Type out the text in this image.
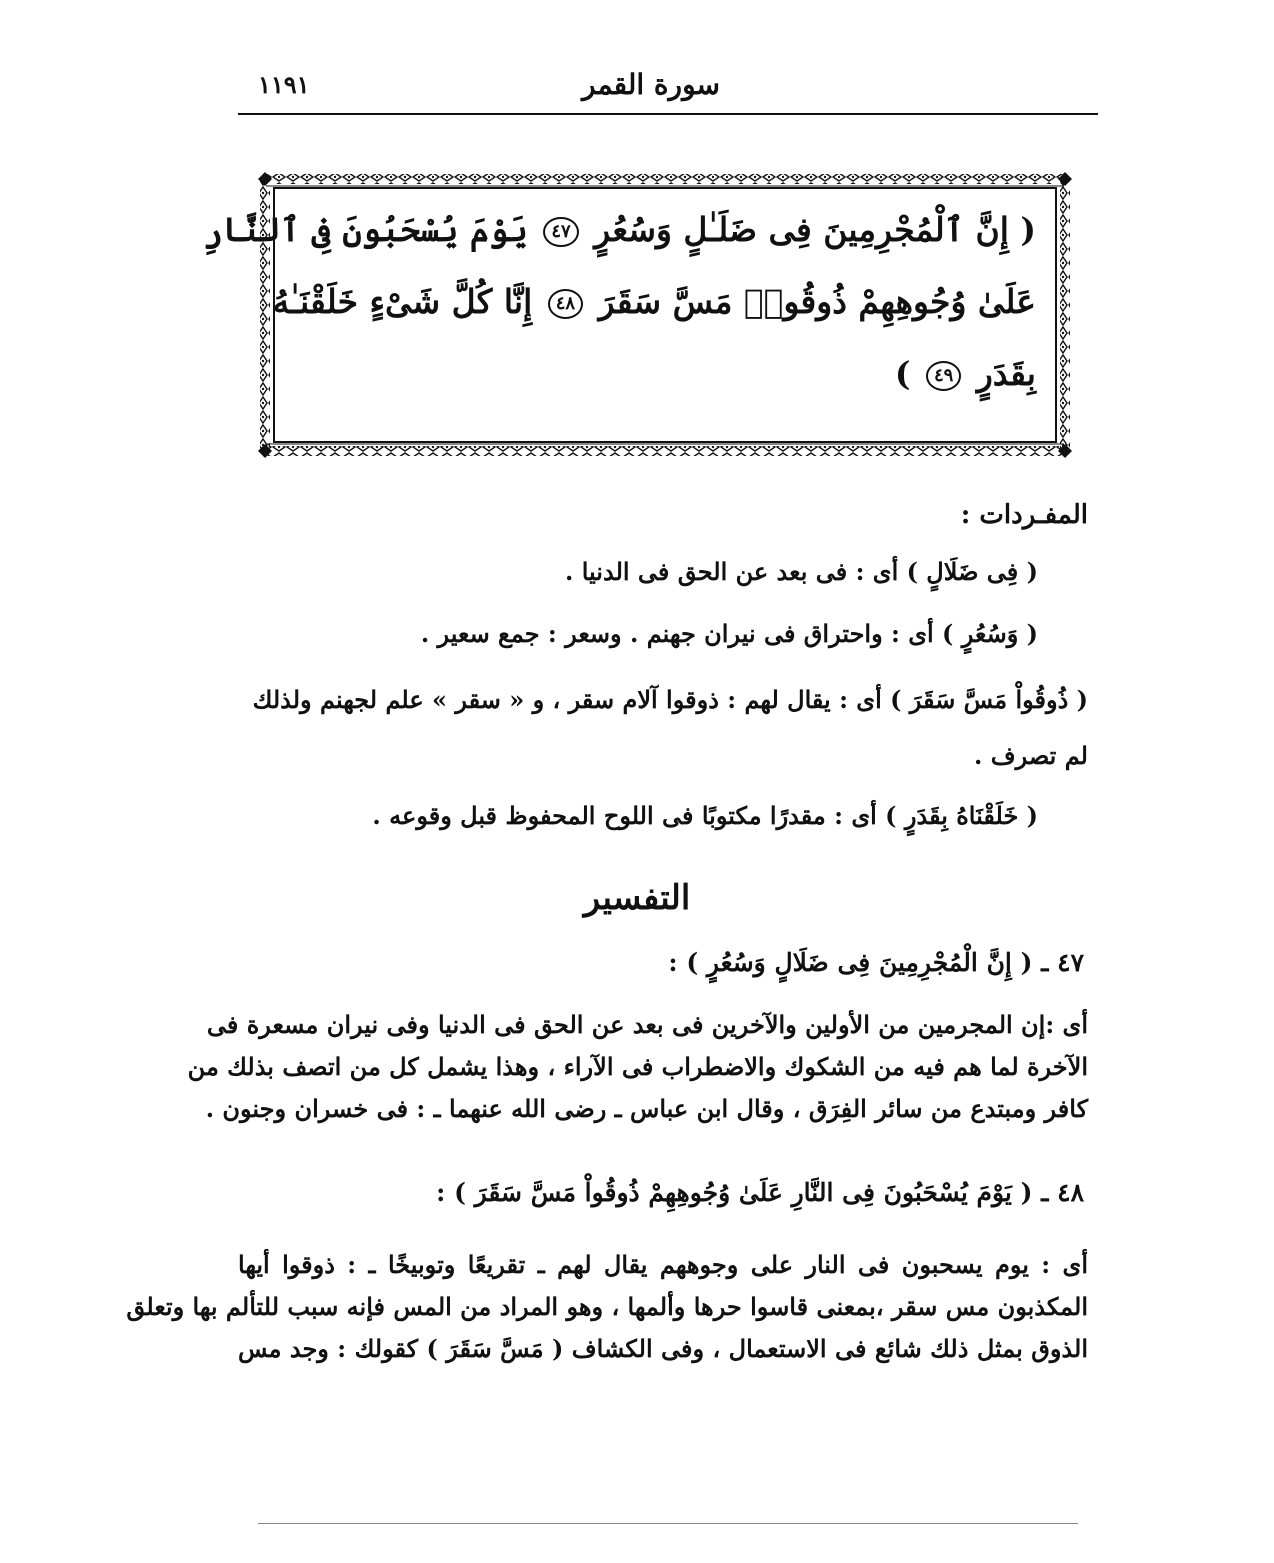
سورة القمر
١١٩١
( إِنَّ ٱلْمُجْرِمِينَ فِى ضَلَـٰلٍ وَسُعُرٍ ٤٧ يَوْمَ يُسْحَبُونَ فِى ٱلنَّارِ
عَلَىٰ وُجُوهِهِمْ ذُوقُوا۟ مَسَّ سَقَرَ ٤٨ إِنَّا كُلَّ شَىْءٍ خَلَقْنَـٰهُ
بِقَدَرٍ ٤٩ )
المفـردات :
( فِى ضَلَالٍ ) أى : فى بعد عن الحق فى الدنيا .
( وَسُعُرٍ ) أى : واحتراق فى نيران جهنم . وسعر : جمع سعير .
( ذُوقُواْ مَسَّ سَقَرَ ) أى : يقال لهم : ذوقوا آلام سقر ، و « سقر » علم لجهنم ولذلك
لم تصرف .
( خَلَقْنَاهُ بِقَدَرٍ ) أى : مقدرًا مكتوبًا فى اللوح المحفوظ قبل وقوعه .
التفسير
٤٧ ـ ( إِنَّ الْمُجْرِمِينَ فِى ضَلَالٍ وَسُعُرٍ ) :
أى :إن المجرمين من الأولين والآخرين فى بعد عن الحق فى الدنيا وفى نيران مسعرة فى
الآخرة لما هم فيه من الشكوك والاضطراب فى الآراء ، وهذا يشمل كل من اتصف بذلك من
كافر ومبتدع من سائر الفِرَق ، وقال ابن عباس ـ رضى الله عنهما ـ : فى خسران وجنون .
٤٨ ـ ( يَوْمَ يُسْحَبُونَ فِى النَّارِ عَلَىٰ وُجُوهِهِمْ ذُوقُواْ مَسَّ سَقَرَ ) :
أى : يوم يسحبون فى النار على وجوههم يقال لهم ـ تقريعًا وتوبيخًا ـ : ذوقوا أيها
المكذبون مس سقر ،بمعنى قاسوا حرها وألمها ، وهو المراد من المس فإنه سبب للتألم بها وتعلق
الذوق بمثل ذلك شائع فى الاستعمال ، وفى الكشاف ( مَسَّ سَقَرَ ) كقولك : وجد مس
